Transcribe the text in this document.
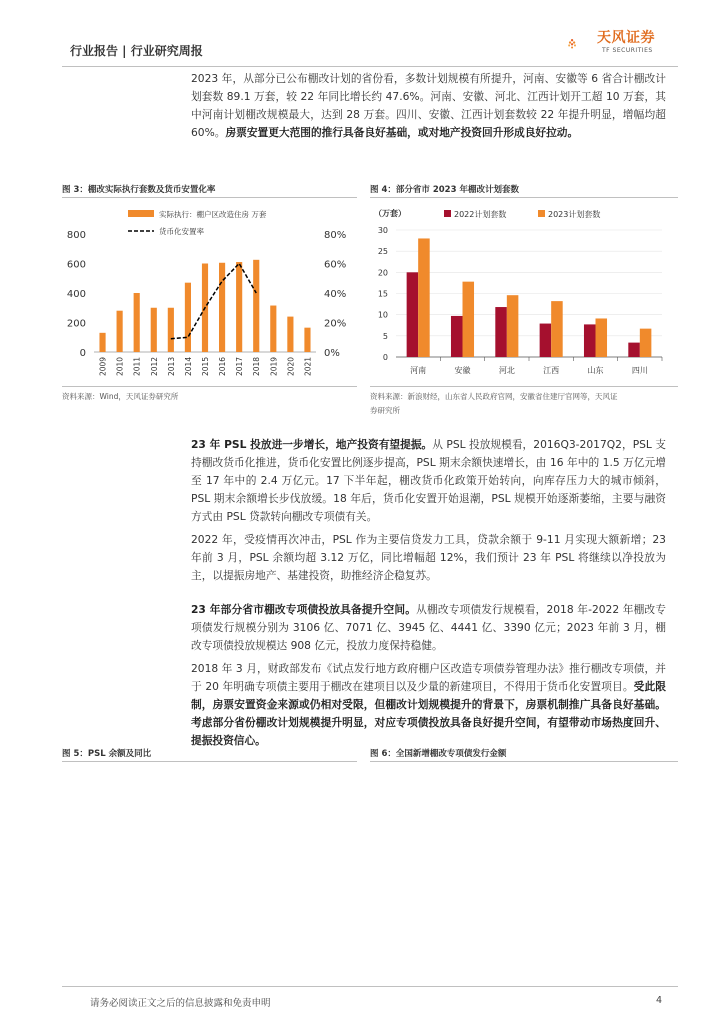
行业报告 | 行业研究周报
天风证券
TF SECURITIES
2023 年，从部分已公布棚改计划的省份看，多数计划规模有所提升，河南、安徽等 6 省合计棚改计划套数 89.1 万套，较 22 年同比增长约 47.6%。河南、安徽、河北、江西计划开工超 10 万套，其中河南计划棚改规模最大，达到 28 万套。四川、安徽、江西计划套数较 22 年提升明显，增幅均超 60%。房票安置更大范围的推行具备良好基础，或对地产投资回升形成良好拉动。
图 3：棚改实际执行套数及货币安置化率
实际执行：棚户区改造住房 万套
货币化安置率
0
200
400
600
800
0%
20%
40%
60%
80%
2009 2010 2011 2012 2013 2014 2015 2016 2017 2018 2019 2020 2021
资料来源：Wind，天风证券研究所
图 4：部分省市 2023 年棚改计划套数
（万套）	2022计划套数	2023计划套数
0
5
10
15
20
25
30
河南	安徽	河北	江西	山东	四川
资料来源：新浪财经，山东省人民政府官网，安徽省住建厅官网等，天风证
券研究所
23 年 PSL 投放进一步增长，地产投资有望提振。从 PSL 投放规模看，2016Q3-2017Q2，PSL 支持棚改货币化推进，货币化安置比例逐步提高，PSL 期末余额快速增长，由 16 年中的 1.5 万亿元增至 17 年中的 2.4 万亿元。17 下半年起，棚改货币化政策开始转向，向库存压力大的城市倾斜，PSL 期末余额增长步伐放缓。18 年后，货币化安置开始退潮，PSL 规模开始逐渐萎缩，主要与融资方式由 PSL 贷款转向棚改专项债有关。
2022 年，受疫情再次冲击，PSL 作为主要信贷发力工具，贷款余额于 9-11 月实现大额新增；23 年前 3 月，PSL 余额均超 3.12 万亿，同比增幅超 12%，我们预计 23 年 PSL 将继续以净投放为主，以提振房地产、基建投资，助推经济企稳复苏。
23 年部分省市棚改专项债投放具备提升空间。从棚改专项债发行规模看，2018 年-2022 年棚改专项债发行规模分别为 3106 亿、7071 亿、3945 亿、4441 亿、3390 亿元；2023 年前 3 月，棚改专项债投放规模达 908 亿元，投放力度保持稳健。
2018 年 3 月，财政部发布《试点发行地方政府棚户区改造专项债券管理办法》推行棚改专项债，并于 20 年明确专项债主要用于棚改在建项目以及少量的新建项目，不得用于货币化安置项目。受此限制，房票安置资金来源或仍相对受限，但棚改计划规模提升的背景下，房票机制推广具备良好基础。考虑部分省份棚改计划规模提升明显，对应专项债投放具备良好提升空间，有望带动市场热度回升、提振投资信心。
图 5：PSL 余额及同比	图 6：全国新增棚改专项债发行金额
请务必阅读正文之后的信息披露和免责申明	4
